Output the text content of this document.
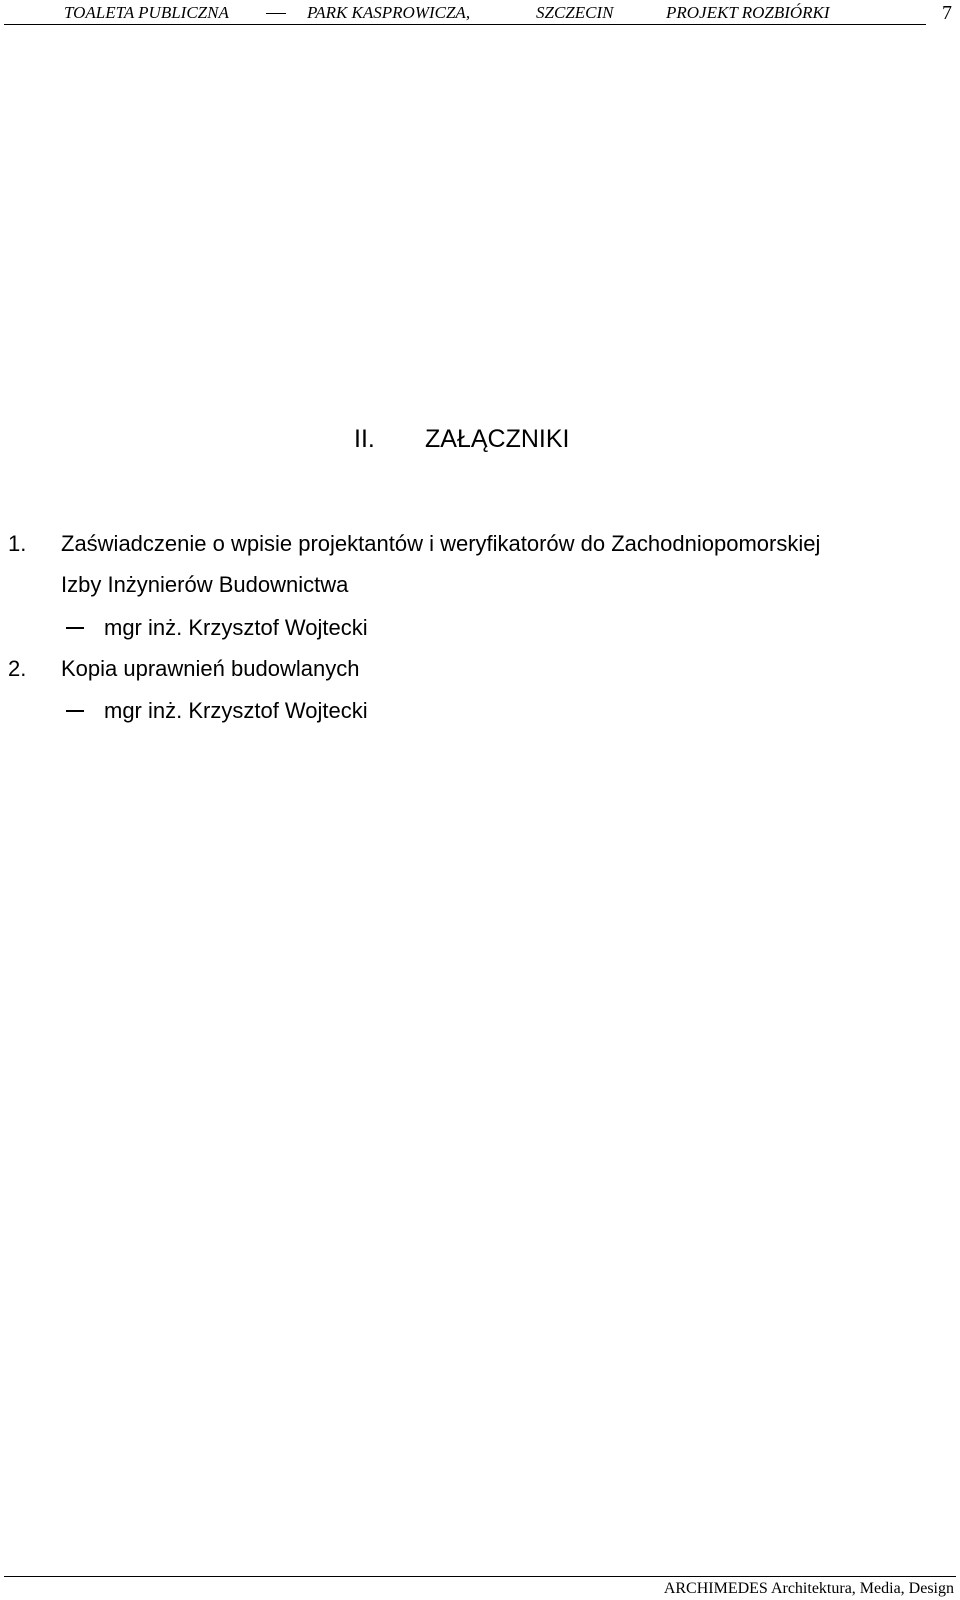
TOALETA PUBLICZNA	PARK KASPROWICZA,	SZCZECIN	PROJEKT ROZBIÓRKI	7
II. ZAŁĄCZNIKI
1. Zaświadczenie o wpisie projektantów i weryfikatorów do Zachodniopomorskiej
Izby Inżynierów Budownictwa
mgr inż. Krzysztof Wojtecki
2. Kopia uprawnień budowlanych
mgr inż. Krzysztof Wojtecki
ARCHIMEDES Architektura, Media, Design
